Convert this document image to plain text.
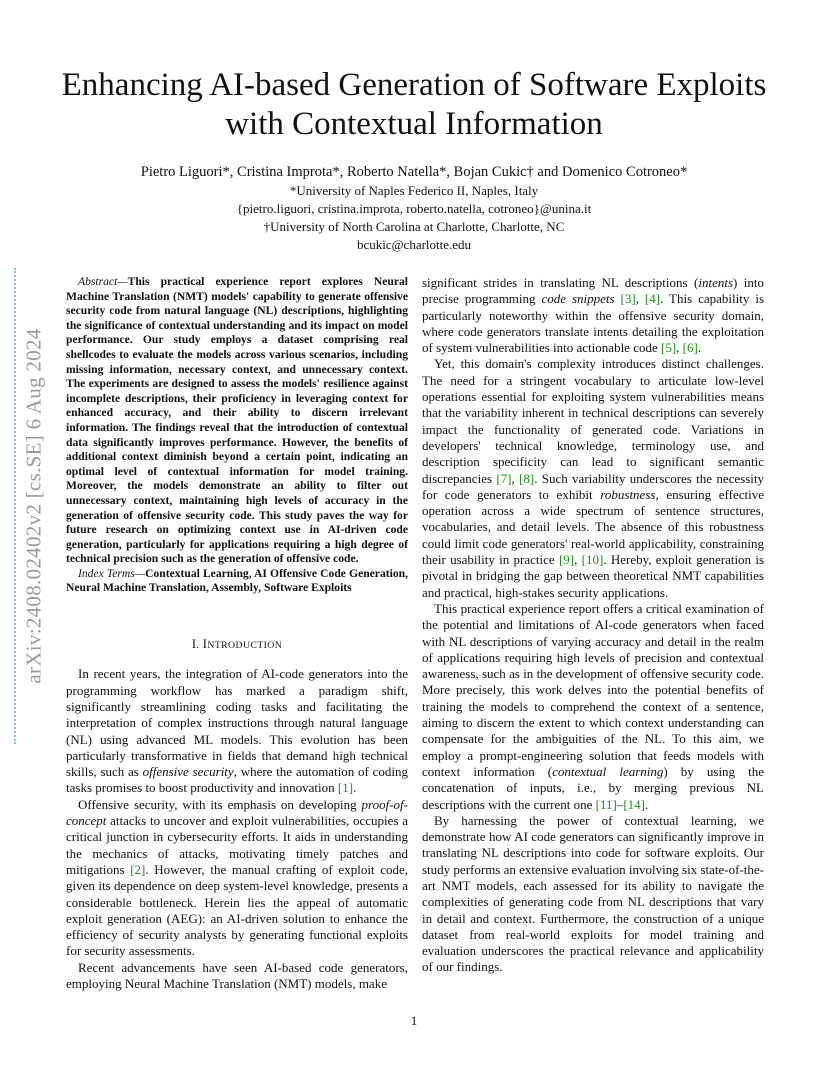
arXiv:2408.02402v2 [cs.SE] 6 Aug 2024
Enhancing AI-based Generation of Software Exploits with Contextual Information
Pietro Liguori*, Cristina Improta*, Roberto Natella*, Bojan Cukic† and Domenico Cotroneo*
*University of Naples Federico II, Naples, Italy
{pietro.liguori, cristina.improta, roberto.natella, cotroneo}@unina.it
†University of North Carolina at Charlotte, Charlotte, NC
bcukic@charlotte.edu

Abstract—This practical experience report explores Neural Machine Translation (NMT) models' capability to generate offensive security code from natural language (NL) descriptions, highlighting the significance of contextual understanding and its impact on model performance. Our study employs a dataset comprising real shellcodes to evaluate the models across various scenarios, including missing information, necessary context, and unnecessary context. The experiments are designed to assess the models' resilience against incomplete descriptions, their proficiency in leveraging context for enhanced accuracy, and their ability to discern irrelevant information. The findings reveal that the introduction of contextual data significantly improves performance. However, the benefits of additional context diminish beyond a certain point, indicating an optimal level of contextual information for model training. Moreover, the models demonstrate an ability to filter out unnecessary context, maintaining high levels of accuracy in the generation of offensive security code. This study paves the way for future research on optimizing context use in AI-driven code generation, particularly for applications requiring a high degree of technical precision such as the generation of offensive code.

Index Terms—Contextual Learning, AI Offensive Code Generation, Neural Machine Translation, Assembly, Software Exploits

I. INTRODUCTION

In recent years, the integration of AI-code generators into the programming workflow has marked a paradigm shift, significantly streamlining coding tasks and facilitating the interpretation of complex instructions through natural language (NL) using advanced ML models. This evolution has been particularly transformative in fields that demand high technical skills, such as offensive security, where the automation of coding tasks promises to boost productivity and innovation [1].

Offensive security, with its emphasis on developing proof-of-concept attacks to uncover and exploit vulnerabilities, occupies a critical junction in cybersecurity efforts. It aids in understanding the mechanics of attacks, motivating timely patches and mitigations [2]. However, the manual crafting of exploit code, given its dependence on deep system-level knowledge, presents a considerable bottleneck. Herein lies the appeal of automatic exploit generation (AEG): an AI-driven solution to enhance the efficiency of security analysts by generating functional exploits for security assessments.

Recent advancements have seen AI-based code generators, employing Neural Machine Translation (NMT) models, make

significant strides in translating NL descriptions (intents) into precise programming code snippets [3], [4]. This capability is particularly noteworthy within the offensive security domain, where code generators translate intents detailing the exploitation of system vulnerabilities into actionable code [5], [6].

Yet, this domain's complexity introduces distinct challenges. The need for a stringent vocabulary to articulate low-level operations essential for exploiting system vulnerabilities means that the variability inherent in technical descriptions can severely impact the functionality of generated code. Variations in developers' technical knowledge, terminology use, and description specificity can lead to significant semantic discrepancies [7], [8]. Such variability underscores the necessity for code generators to exhibit robustness, ensuring effective operation across a wide spectrum of sentence structures, vocabularies, and detail levels. The absence of this robustness could limit code generators' real-world applicability, constraining their usability in practice [9], [10]. Hereby, exploit generation is pivotal in bridging the gap between theoretical NMT capabilities and practical, high-stakes security applications.

This practical experience report offers a critical examination of the potential and limitations of AI-code generators when faced with NL descriptions of varying accuracy and detail in the realm of applications requiring high levels of precision and contextual awareness, such as in the development of offensive security code. More precisely, this work delves into the potential benefits of training the models to comprehend the context of a sentence, aiming to discern the extent to which context understanding can compensate for the ambiguities of the NL. To this aim, we employ a prompt-engineering solution that feeds models with context information (contextual learning) by using the concatenation of inputs, i.e., by merging previous NL descriptions with the current one [11]–[14].

By harnessing the power of contextual learning, we demonstrate how AI code generators can significantly improve in translating NL descriptions into code for software exploits. Our study performs an extensive evaluation involving six state-of-the-art NMT models, each assessed for its ability to navigate the complexities of generating code from NL descriptions that vary in detail and context. Furthermore, the construction of a unique dataset from real-world exploits for model training and evaluation underscores the practical relevance and applicability of our findings.

1
